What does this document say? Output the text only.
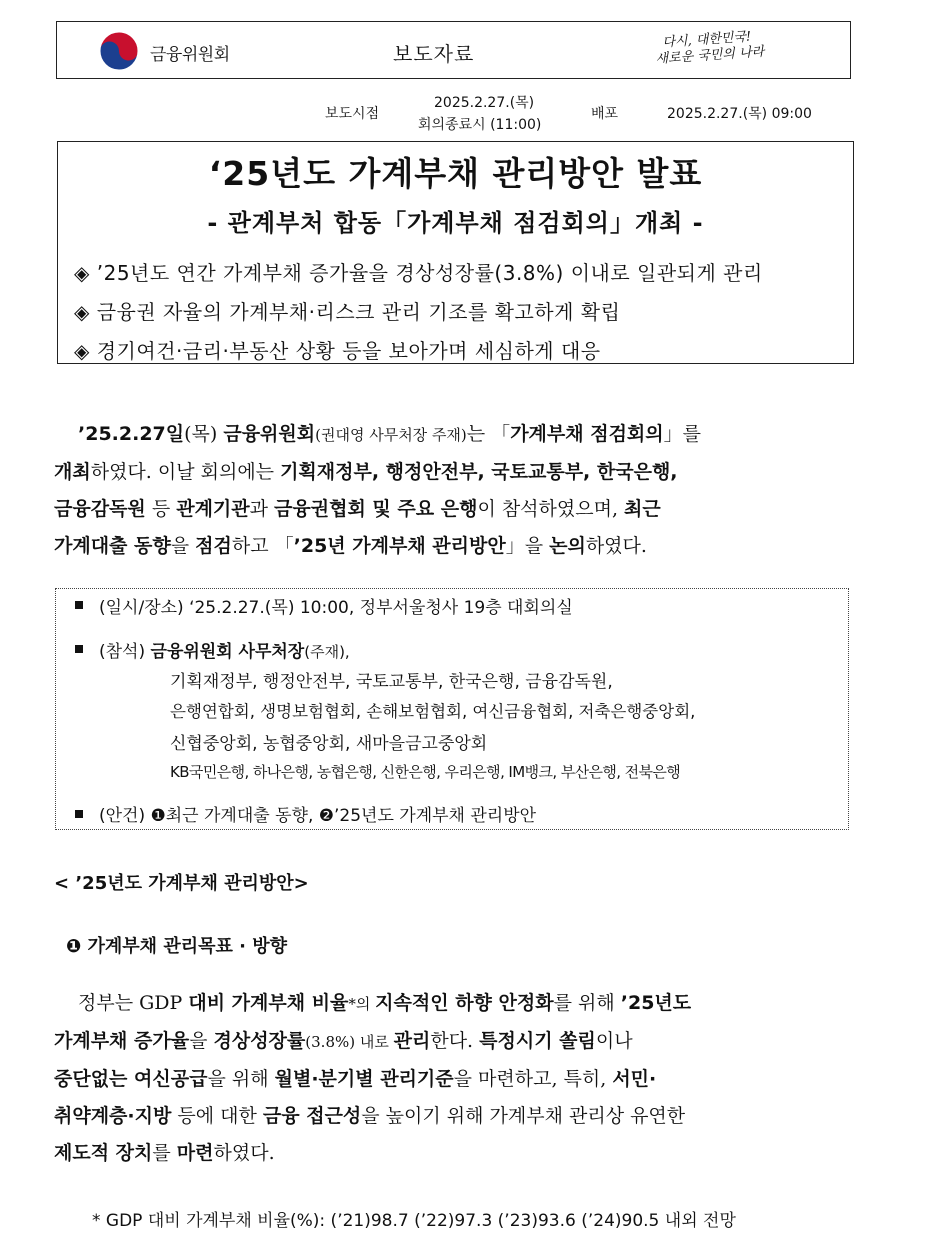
금융위원회	보도자료
다시, 대한민국!
새로운 국민의 나라
보도시점
2025.2.27.(목)
회의종료시 (11:00)
배포	2025.2.27.(목) 09:00
‘25년도 가계부채 관리방안 발표
- 관계부처 합동「가계부채 점검회의」개최 -
◈ ’25년도 연간 가계부채 증가율을 경상성장률(3.8%) 이내로 일관되게 관리
◈ 금융권 자율의 가계부채·리스크 관리 기조를 확고하게 확립
◈ 경기여건·금리·부동산 상황 등을 보아가며 세심하게 대응
’25.2.27일(목) 금융위원회(권대영 사무처장 주재)는 「가계부채 점검회의」를
개최하였다. 이날 회의에는 기획재정부, 행정안전부, 국토교통부, 한국은행,
금융감독원 등 관계기관과 금융권협회 및 주요 은행이 참석하였으며, 최근
가계대출 동향을 점검하고 「’25년 가계부채 관리방안」을 논의하였다.
(일시/장소) ‘25.2.27.(목) 10:00, 정부서울청사 19층 대회의실
(참석) 금융위원회 사무처장(주재),
기획재정부, 행정안전부, 국토교통부, 한국은행, 금융감독원,
은행연합회, 생명보험협회, 손해보험협회, 여신금융협회, 저축은행중앙회,
신협중앙회, 농협중앙회, 새마을금고중앙회
KB국민은행, 하나은행, 농협은행, 신한은행, 우리은행, IM뱅크, 부산은행, 전북은행
(안건) ❶최근 가계대출 동향, ❷’25년도 가계부채 관리방안
< ’25년도 가계부채 관리방안>
❶ 가계부채 관리목표 · 방향
정부는 GDP 대비 가계부채 비율*의 지속적인 하향 안정화를 위해 ’25년도
가계부채 증가율을 경상성장률(3.8%) 내로 관리한다. 특정시기 쏠림이나
중단없는 여신공급을 위해 월별·분기별 관리기준을 마련하고, 특히, 서민·
취약계층·지방 등에 대한 금융 접근성을 높이기 위해 가계부채 관리상 유연한
제도적 장치를 마련하였다.
* GDP 대비 가계부채 비율(%): (’21)98.7 (’22)97.3 (’23)93.6 (’24)90.5 내외 전망
